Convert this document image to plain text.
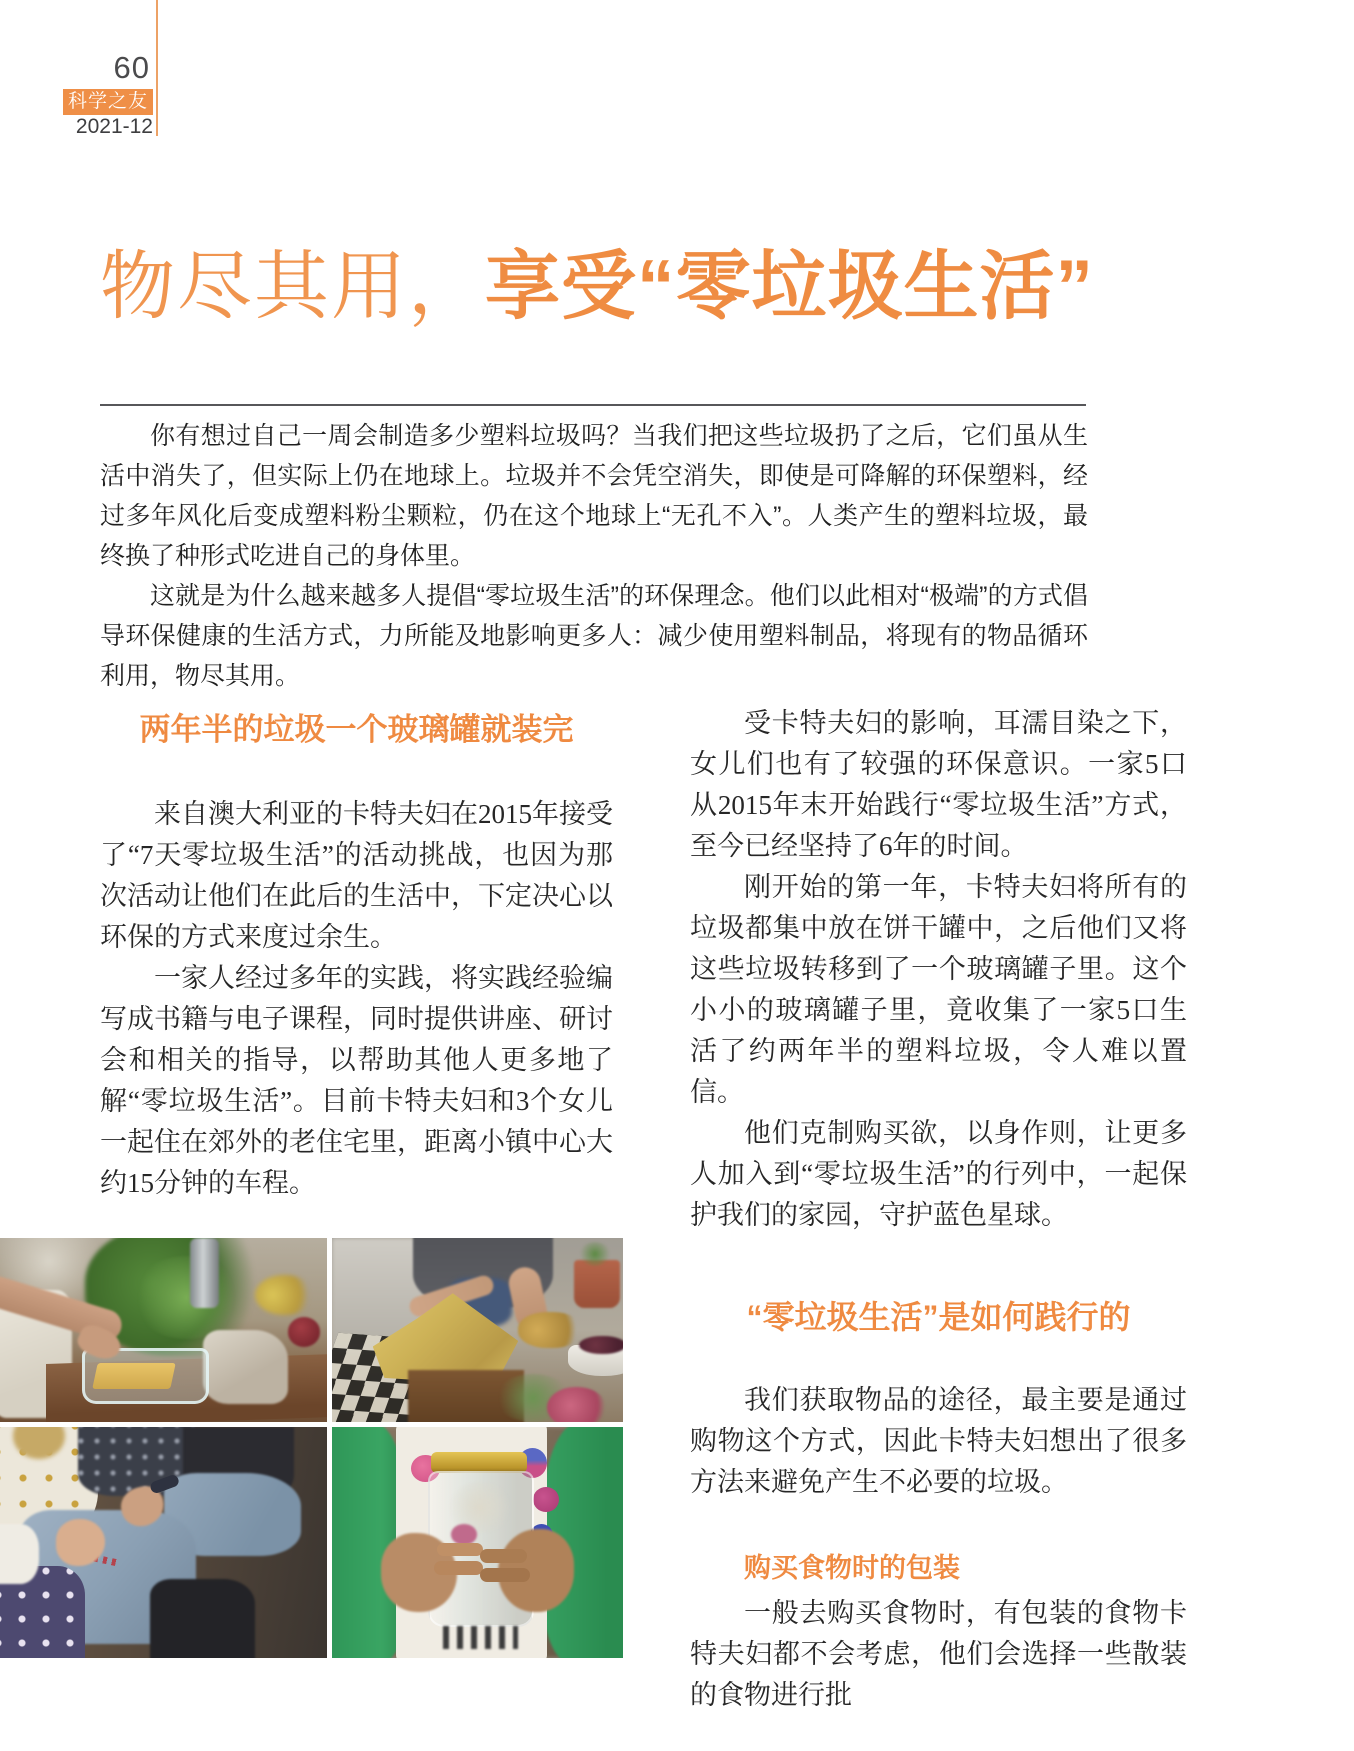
60
科学之友
2021-12
物尽其用，享受“零垃圾生活”

你有想过自己一周会制造多少塑料垃圾吗？当我们把这些垃圾扔了之后，它们虽从生活中消失了，但实际上仍在地球上。垃圾并不会凭空消失，即使是可降解的环保塑料，经过多年风化后变成塑料粉尘颗粒，仍在这个地球上“无孔不入”。人类产生的塑料垃圾，最终换了种形式吃进自己的身体里。

这就是为什么越来越多人提倡“零垃圾生活”的环保理念。他们以此相对“极端”的方式倡导环保健康的生活方式，力所能及地影响更多人：减少使用塑料制品，将现有的物品循环利用，物尽其用。

两年半的垃圾一个玻璃罐就装完

来自澳大利亚的卡特夫妇在2015年接受了“7天零垃圾生活”的活动挑战，也因为那次活动让他们在此后的生活中，下定决心以环保的方式来度过余生。

一家人经过多年的实践，将实践经验编写成书籍与电子课程，同时提供讲座、研讨会和相关的指导，以帮助其他人更多地了解“零垃圾生活”。目前卡特夫妇和3个女儿一起住在郊外的老住宅里，距离小镇中心大约15分钟的车程。

受卡特夫妇的影响，耳濡目染之下，女儿们也有了较强的环保意识。一家5口从2015年末开始践行“零垃圾生活”方式，至今已经坚持了6年的时间。

刚开始的第一年，卡特夫妇将所有的垃圾都集中放在饼干罐中，之后他们又将这些垃圾转移到了一个玻璃罐子里。这个小小的玻璃罐子里，竟收集了一家5口生活了约两年半的塑料垃圾，令人难以置信。

他们克制购买欲，以身作则，让更多人加入到“零垃圾生活”的行列中，一起保护我们的家园，守护蓝色星球。

“零垃圾生活”是如何践行的

我们获取物品的途径，最主要是通过购物这个方式，因此卡特夫妇想出了很多方法来避免产生不必要的垃圾。

购买食物时的包装

一般去购买食物时，有包装的食物卡特夫妇都不会考虑，他们会选择一些散装的食物进行批
